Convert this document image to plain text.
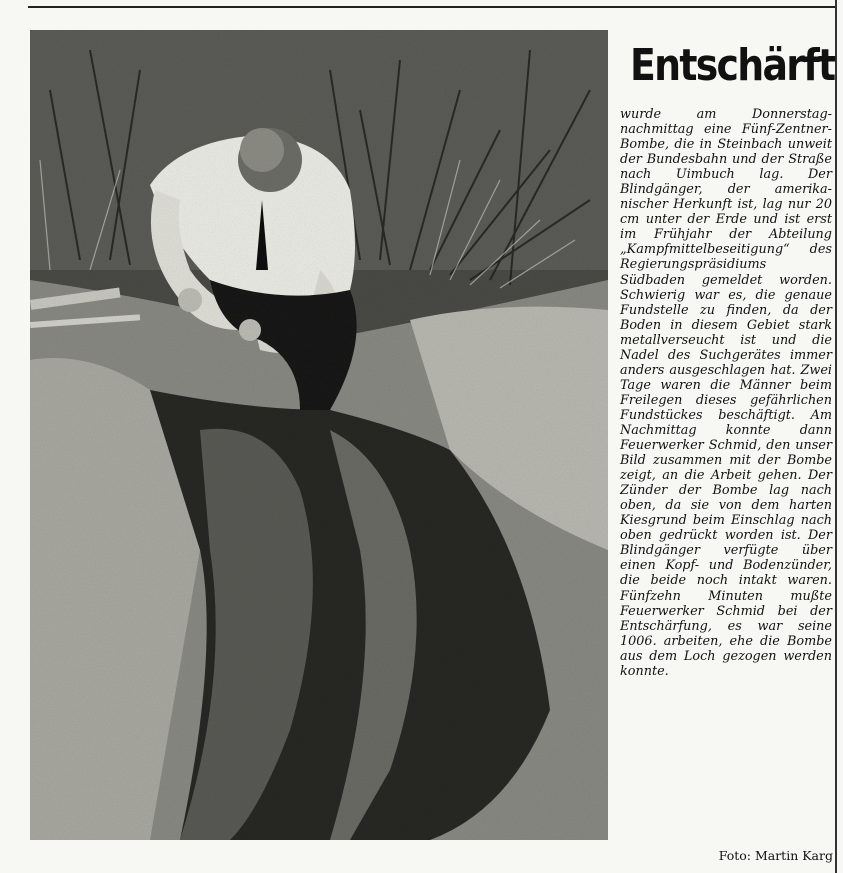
Entschärft

wurde am Donnerstagnachmittag eine Fünf-Zentner-Bombe, die in Steinbach unweit der Bundesbahn und der Straße nach Uimbuch lag. Der Blindgänger, der amerikanischer Herkunft ist, lag nur 20 cm unter der Erde und ist erst im Frühjahr der Abteilung „Kampfmittelbeseitigung“ des Regierungspräsidiums Südbaden gemeldet worden. Schwierig war es, die genaue Fundstelle zu finden, da der Boden in diesem Gebiet stark metallverseucht ist und die Nadel des Suchgerätes immer anders ausgeschlagen hat. Zwei Tage waren die Männer beim Freilegen dieses gefährlichen Fundstückes beschäftigt. Am Nachmittag konnte dann Feuerwerker Schmid, den unser Bild zusammen mit der Bombe zeigt, an die Arbeit gehen. Der Zünder der Bombe lag nach oben, da sie von dem harten Kiesgrund beim Einschlag nach oben gedrückt worden ist. Der Blindgänger verfügte über einen Kopf- und Bodenzünder, die beide noch intakt waren. Fünfzehn Minuten mußte Feuerwerker Schmid bei der Entschärfung, es war seine 1006. arbeiten, ehe die Bombe aus dem Loch gezogen werden konnte.

Foto: Martin Karg
